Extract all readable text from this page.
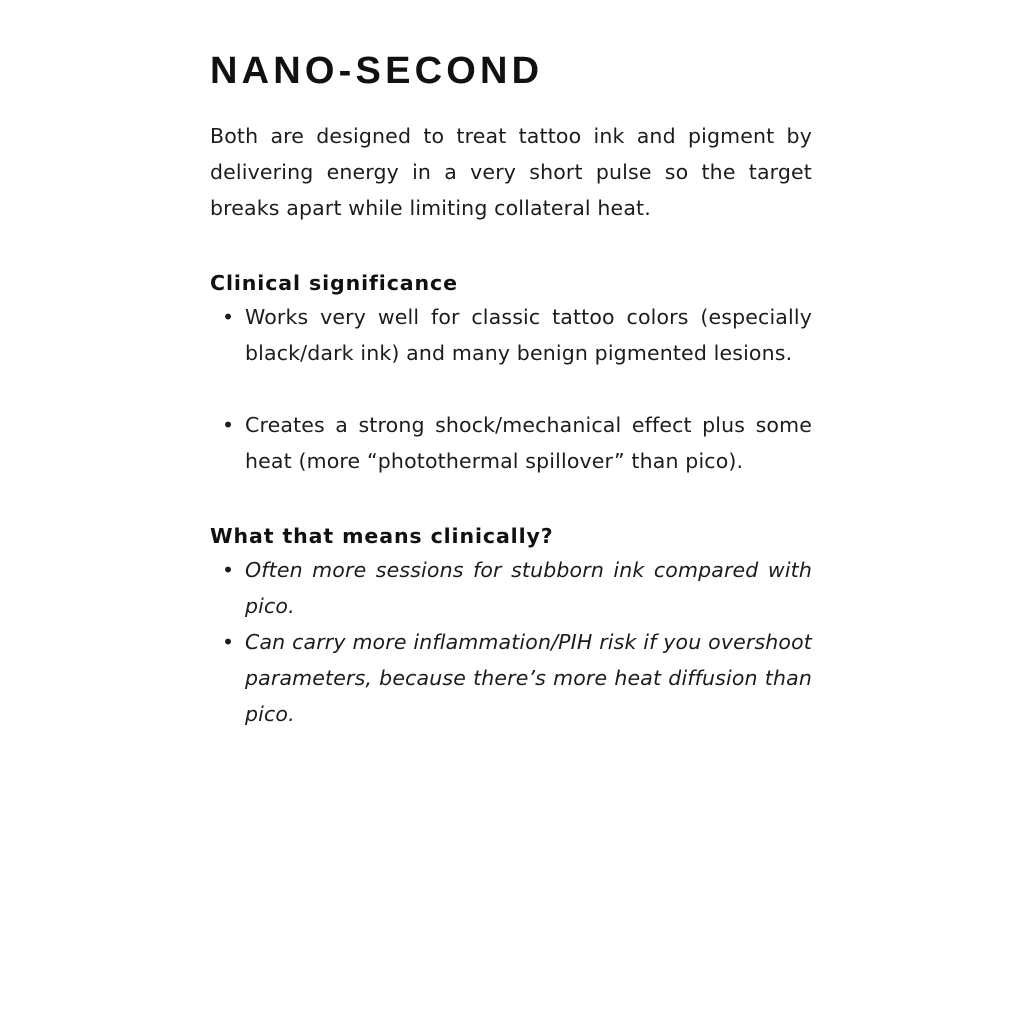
NANO-SECOND

Both are designed to treat tattoo ink and pigment by delivering energy in a very short pulse so the target breaks apart while limiting collateral heat.

Clinical significance
• Works very well for classic tattoo colors (especially black/dark ink) and many benign pigmented lesions.
• Creates a strong shock/mechanical effect plus some heat (more “photothermal spillover” than pico).
What that means clinically?
• Often more sessions for stubborn ink compared with pico.
• Can carry more inflammation/PIH risk if you overshoot parameters, because there’s more heat diffusion than pico.
